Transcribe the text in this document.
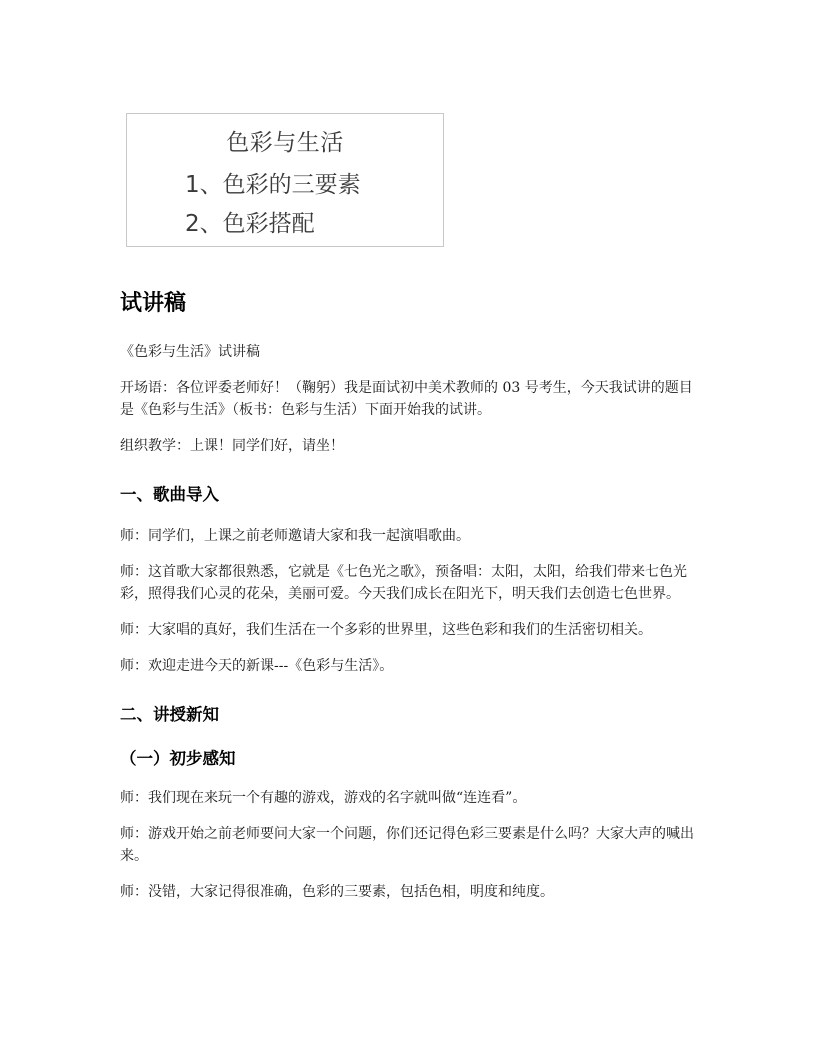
色彩与生活
1、色彩的三要素
2、色彩搭配
试讲稿

《色彩与生活》试讲稿

开场语：各位评委老师好！（鞠躬）我是面试初中美术教师的 03 号考生，今天我试讲的题目是《色彩与生活》（板书：色彩与生活）下面开始我的试讲。

组织教学：上课！同学们好，请坐！

一、歌曲导入

师：同学们，上课之前老师邀请大家和我一起演唱歌曲。

师：这首歌大家都很熟悉，它就是《七色光之歌》，预备唱：太阳，太阳，给我们带来七色光彩，照得我们心灵的花朵，美丽可爱。今天我们成长在阳光下，明天我们去创造七色世界。

师：大家唱的真好，我们生活在一个多彩的世界里，这些色彩和我们的生活密切相关。

师：欢迎走进今天的新课---《色彩与生活》。

二、讲授新知
（一）初步感知

师：我们现在来玩一个有趣的游戏，游戏的名字就叫做“连连看”。

师：游戏开始之前老师要问大家一个问题，你们还记得色彩三要素是什么吗？大家大声的喊出来。

师：没错，大家记得很准确，色彩的三要素，包括色相，明度和纯度。
